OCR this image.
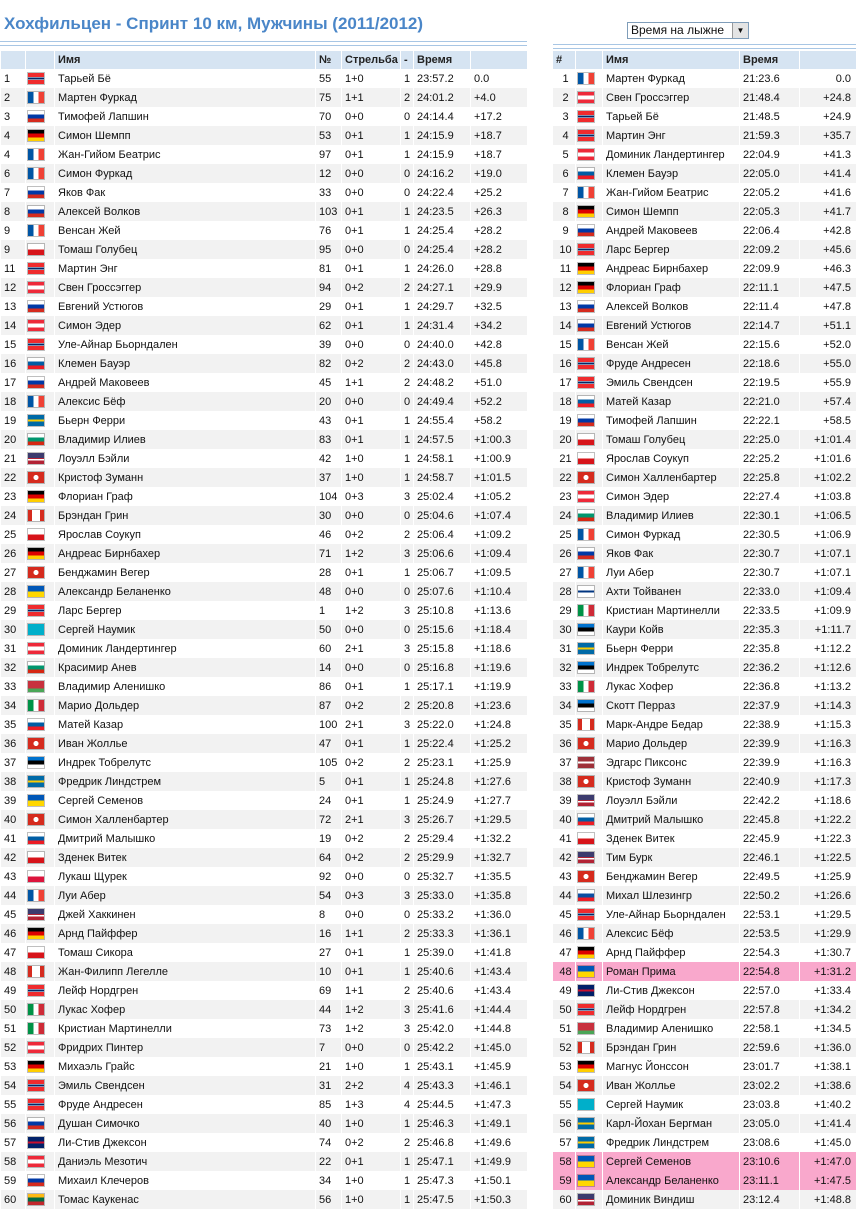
Хохфильцен - Спринт 10 км, Мужчины (2011/2012)	Время на лыжне	▼
		Имя	№	Стрельба	-	Время	
1		Тарьей Бё	55	1+0	1	23:57.2	0.0
2		Мартен Фуркад	75	1+1	2	24:01.2	+4.0
3		Тимофей Лапшин	70	0+0	0	24:14.4	+17.2
4		Симон Шемпп	53	0+1	1	24:15.9	+18.7
4		Жан-Гийом Беатрис	97	0+1	1	24:15.9	+18.7
6		Симон Фуркад	12	0+0	0	24:16.2	+19.0
7		Яков Фак	33	0+0	0	24:22.4	+25.2
8		Алексей Волков	103	0+1	1	24:23.5	+26.3
9		Венсан Жей	76	0+1	1	24:25.4	+28.2
9		Томаш Голубец	95	0+0	0	24:25.4	+28.2
11		Мартин Энг	81	0+1	1	24:26.0	+28.8
12		Свен Гроссэггер	94	0+2	2	24:27.1	+29.9
13		Евгений Устюгов	29	0+1	1	24:29.7	+32.5
14		Симон Эдер	62	0+1	1	24:31.4	+34.2
15		Уле-Айнар Бьорндален	39	0+0	0	24:40.0	+42.8
16		Клемен Бауэр	82	0+2	2	24:43.0	+45.8
17		Андрей Маковеев	45	1+1	2	24:48.2	+51.0
18		Алексис Бёф	20	0+0	0	24:49.4	+52.2
19		Бьерн Ферри	43	0+1	1	24:55.4	+58.2
20		Владимир Илиев	83	0+1	1	24:57.5	+1:00.3
21		Лоуэлл Бэйли	42	1+0	1	24:58.1	+1:00.9
22		Кристоф Зуманн	37	1+0	1	24:58.7	+1:01.5
23		Флориан Граф	104	0+3	3	25:02.4	+1:05.2
24		Брэндан Грин	30	0+0	0	25:04.6	+1:07.4
25		Ярослав Соукуп	46	0+2	2	25:06.4	+1:09.2
26		Андреас Бирнбахер	71	1+2	3	25:06.6	+1:09.4
27		Бенджамин Вегер	28	0+1	1	25:06.7	+1:09.5
28		Александр Беланенко	48	0+0	0	25:07.6	+1:10.4
29		Ларс Бергер	1	1+2	3	25:10.8	+1:13.6
30		Сергей Наумик	50	0+0	0	25:15.6	+1:18.4
31		Доминик Ландертингер	60	2+1	3	25:15.8	+1:18.6
32		Красимир Анев	14	0+0	0	25:16.8	+1:19.6
33		Владимир Аленишко	86	0+1	1	25:17.1	+1:19.9
34		Марио Дольдер	87	0+2	2	25:20.8	+1:23.6
35		Матей Казар	100	2+1	3	25:22.0	+1:24.8
36		Иван Жолльe	47	0+1	1	25:22.4	+1:25.2
37		Индрек Тобрелутс	105	0+2	2	25:23.1	+1:25.9
38		Фредрик Линдстрем	5	0+1	1	25:24.8	+1:27.6
39		Сергей Семенов	24	0+1	1	25:24.9	+1:27.7
40		Симон Халленбартер	72	2+1	3	25:26.7	+1:29.5
41		Дмитрий Малышко	19	0+2	2	25:29.4	+1:32.2
42		Зденек Витек	64	0+2	2	25:29.9	+1:32.7
43		Лукаш Щурек	92	0+0	0	25:32.7	+1:35.5
44		Луи Абер	54	0+3	3	25:33.0	+1:35.8
45		Джей Хаккинен	8	0+0	0	25:33.2	+1:36.0
46		Арнд Пайффер	16	1+1	2	25:33.3	+1:36.1
47		Томаш Сикора	27	0+1	1	25:39.0	+1:41.8
48		Жан-Филипп Легелле	10	0+1	1	25:40.6	+1:43.4
49		Лейф Нордгрен	69	1+1	2	25:40.6	+1:43.4
50		Лукас Хофер	44	1+2	3	25:41.6	+1:44.4
51		Кристиан Мартинелли	73	1+2	3	25:42.0	+1:44.8
52		Фридрих Пинтер	7	0+0	0	25:42.2	+1:45.0
53		Михаэль Грайс	21	1+0	1	25:43.1	+1:45.9
54		Эмиль Свендсен	31	2+2	4	25:43.3	+1:46.1
55		Фруде Андресен	85	1+3	4	25:44.5	+1:47.3
56		Душан Симочко	40	1+0	1	25:46.3	+1:49.1
57		Ли-Стив Джексон	74	0+2	2	25:46.8	+1:49.6
58		Даниэль Мезотич	22	0+1	1	25:47.1	+1:49.9
59		Михаил Клечеров	34	1+0	1	25:47.3	+1:50.1
60		Томас Каукенас	56	1+0	1	25:47.5	+1:50.3
#		Имя	Время	
1		Мартен Фуркад	21:23.6	0.0
2		Свен Гроссэггер	21:48.4	+24.8
3		Тарьей Бё	21:48.5	+24.9
4		Мартин Энг	21:59.3	+35.7
5		Доминик Ландертингер	22:04.9	+41.3
6		Клемен Бауэр	22:05.0	+41.4
7		Жан-Гийом Беатрис	22:05.2	+41.6
8		Симон Шемпп	22:05.3	+41.7
9		Андрей Маковеев	22:06.4	+42.8
10		Ларс Бергер	22:09.2	+45.6
11		Андреас Бирнбахер	22:09.9	+46.3
12		Флориан Граф	22:11.1	+47.5
13		Алексей Волков	22:11.4	+47.8
14		Евгений Устюгов	22:14.7	+51.1
15		Венсан Жей	22:15.6	+52.0
16		Фруде Андресен	22:18.6	+55.0
17		Эмиль Свендсен	22:19.5	+55.9
18		Матей Казар	22:21.0	+57.4
19		Тимофей Лапшин	22:22.1	+58.5
20		Томаш Голубец	22:25.0	+1:01.4
21		Ярослав Соукуп	22:25.2	+1:01.6
22		Симон Халленбартер	22:25.8	+1:02.2
23		Симон Эдер	22:27.4	+1:03.8
24		Владимир Илиев	22:30.1	+1:06.5
25		Симон Фуркад	22:30.5	+1:06.9
26		Яков Фак	22:30.7	+1:07.1
27		Луи Абер	22:30.7	+1:07.1
28		Ахти Тойванен	22:33.0	+1:09.4
29		Кристиан Мартинелли	22:33.5	+1:09.9
30		Каури Койв	22:35.3	+1:11.7
31		Бьерн Ферри	22:35.8	+1:12.2
32		Индрек Тобрелутс	22:36.2	+1:12.6
33		Лукас Хофер	22:36.8	+1:13.2
34		Скотт Перраз	22:37.9	+1:14.3
35		Марк-Андре Бедар	22:38.9	+1:15.3
36		Марио Дольдер	22:39.9	+1:16.3
37		Эдгарс Пиксонс	22:39.9	+1:16.3
38		Кристоф Зуманн	22:40.9	+1:17.3
39		Лоуэлл Бэйли	22:42.2	+1:18.6
40		Дмитрий Малышко	22:45.8	+1:22.2
41		Зденек Витек	22:45.9	+1:22.3
42		Тим Бурк	22:46.1	+1:22.5
43		Бенджамин Вегер	22:49.5	+1:25.9
44		Михал Шлезингр	22:50.2	+1:26.6
45		Уле-Айнар Бьорндален	22:53.1	+1:29.5
46		Алексис Бёф	22:53.5	+1:29.9
47		Арнд Пайффер	22:54.3	+1:30.7
48		Роман Прима	22:54.8	+1:31.2
49		Ли-Стив Джексон	22:57.0	+1:33.4
50		Лейф Нордгрен	22:57.8	+1:34.2
51		Владимир Аленишко	22:58.1	+1:34.5
52		Брэндан Грин	22:59.6	+1:36.0
53		Магнус Йонссон	23:01.7	+1:38.1
54		Иван Жолльe	23:02.2	+1:38.6
55		Сергей Наумик	23:03.8	+1:40.2
56		Карл-Йохан Бергман	23:05.0	+1:41.4
57		Фредрик Линдстрем	23:08.6	+1:45.0
58		Сергей Семенов	23:10.6	+1:47.0
59		Александр Беланенко	23:11.1	+1:47.5
60		Доминик Виндиш	23:12.4	+1:48.8
